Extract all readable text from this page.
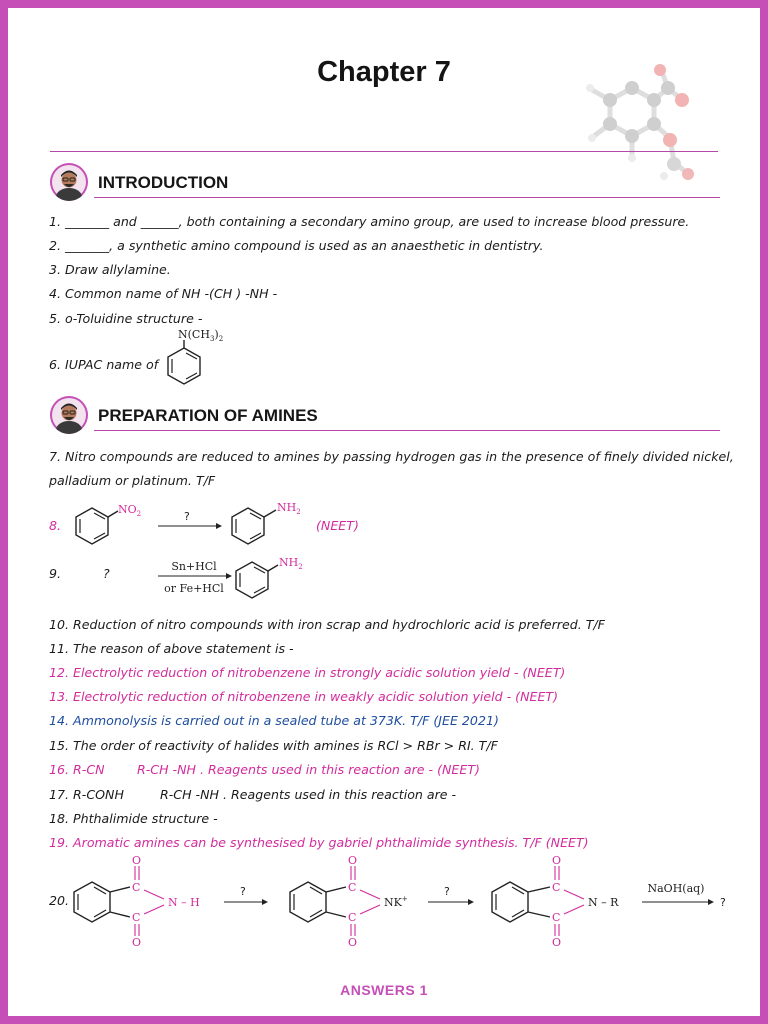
Chapter 7
INTRODUCTION
1. _______ and ______, both containing a secondary amino group, are used to increase blood pressure.
2. _______, a synthetic amino compound is used as an anaesthetic in dentistry.
3. Draw allylamine.
4. Common name of NH -(CH ) -NH -
5. o-Toluidine structure -
6. IUPAC name of
$N(CH_3)_2$
PREPARATION OF AMINES
7. Nitro compounds are reduced to amines by passing hydrogen gas in the presence of finely divided nickel,
palladium or platinum. T/F
8.
$NO_2$	?
$NH_2$
(NEET)
9.	?	Sn+HCl
or Fe+HCl
$NH_2$
10. Reduction of nitro compounds with iron scrap and hydrochloric acid is preferred. T/F
11. The reason of above statement is -
12. Electrolytic reduction of nitrobenzene in strongly acidic solution yield - (NEET)
13. Electrolytic reduction of nitrobenzene in weakly acidic solution yield - (NEET)
14. Ammonolysis is carried out in a sealed tube at 373K. T/F (JEE 2021)
15. The order of reactivity of halides with amines is RCl > RBr > RI. T/F
16. R-CN	R-CH -NH . Reagents used in this reaction are - (NEET)
17. R-CONH	R-CH -NH . Reagents used in this reaction are -
18. Phthalimide structure -
19. Aromatic amines can be synthesised by gabriel phthalimide synthesis. T/F (NEET)
20.
C
C
O
O
N – H
?	C
C
O
O
NK+
?	C
C
O
O
N – R
NaOH(aq)
?
ANSWERS 1
